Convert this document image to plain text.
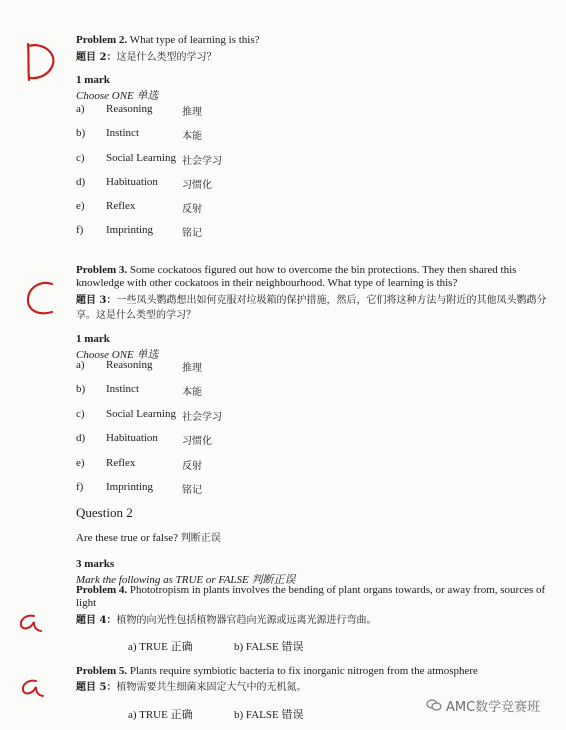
Problem 2. What type of learning is this?
题目 2：这是什么类型的学习？
1 mark
Choose ONE 单选
a) Reasoning	推理
b) Instinct	本能
c) Social Learning 社会学习
d) Habituation 习惯化
e) Reflex	反射
f) Imprinting	铭记
Problem 3. Some cockatoos figured out how to overcome the bin protections. They then shared this knowledge with other cockatoos in their neighbourhood. What type of learning is this?
题目 3：一些凤头鹦鹉想出如何克服对垃圾箱的保护措施，然后，它们将这种方法与附近的其他凤头鹦鹉分享。这是什么类型的学习？
1 mark
Choose ONE 单选
a) Reasoning	推理
b) Instinct	本能
c) Social Learning 社会学习
d) Habituation 习惯化
e) Reflex	反射
f) Imprinting	铭记
Question 2
Are these true or false? 判断正误
3 marks
Mark the following as TRUE or FALSE 判断正误
Problem 4. Phototropism in plants involves the bending of plant organs towards, or away from, sources of light
题目 4：植物的向光性包括植物器官趋向光源或远离光源进行弯曲。
a) TRUE 正确	b) FALSE 错误
Problem 5. Plants require symbiotic bacteria to fix inorganic nitrogen from the atmosphere
题目 5：植物需要共生细菌来固定大气中的无机氮。
a) TRUE 正确	b) FALSE 错误
AMC数学竞赛班
